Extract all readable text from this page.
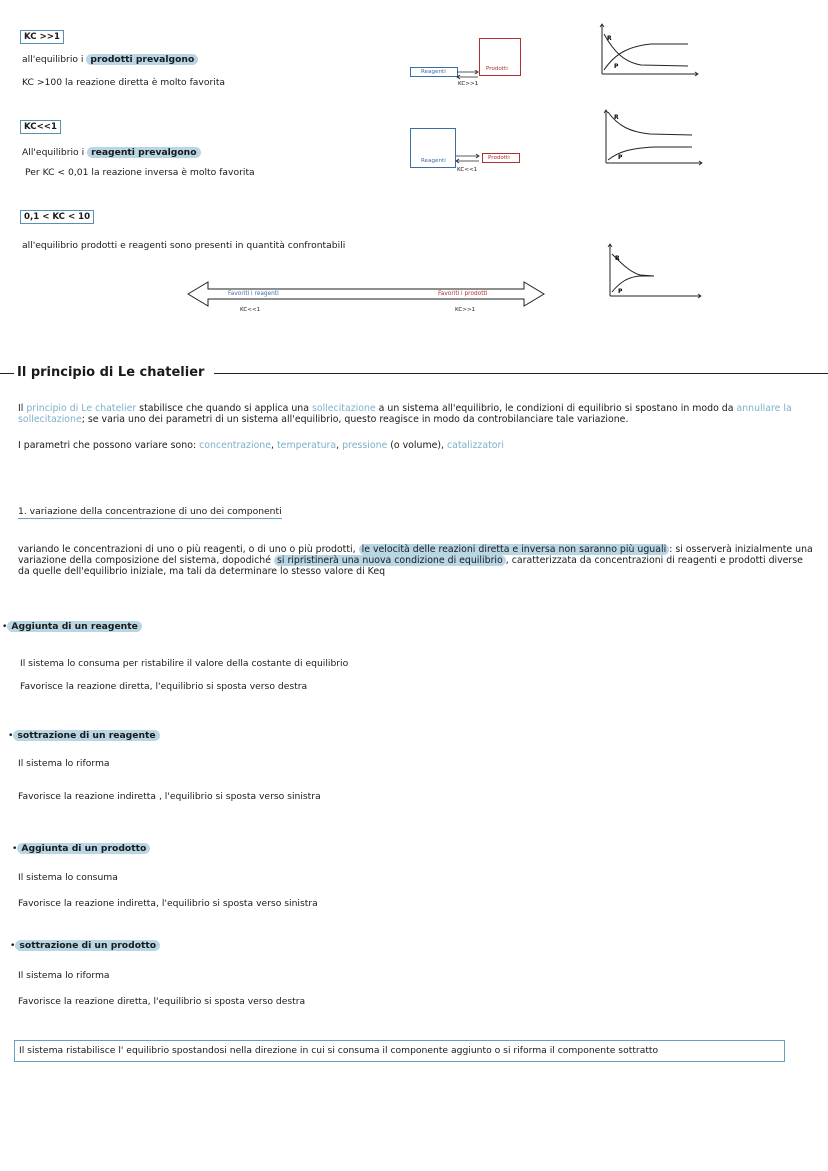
KC >>1
all'equilibrio i prodotti prevalgono
KC >100 la reazione diretta è molto favorita
Reagenti	Prodotti
KC>>1
R
P
KC<<1
All'equilibrio i reagenti prevalgono
Per KC < 0,01 la reazione inversa è molto favorita
Reagenti	Prodotti
KC<<1
R
P
0,1 < KC < 10
all'equilibrio prodotti e reagenti sono presenti in quantità confrontabili
Favoriti i reagenti	Favoriti i prodotti
KC<<1	KC>>1
R
P
Il principio di Le chatelier
Il principio di Le chatelier stabilisce che quando si applica una sollecitazione a un sistema all'equilibrio, le condizioni di equilibrio si spostano in modo da annullare la sollecitazione; se varia uno dei parametri di un sistema all'equilibrio, questo reagisce in modo da controbilanciare tale variazione.
I parametri che possono variare sono: concentrazione, temperatura, pressione (o volume), catalizzatori
1. variazione della concentrazione di uno dei componenti
variando le concentrazioni di uno o più reagenti, o di uno o più prodotti, le velocità delle reazioni diretta e inversa non saranno più uguali : si osserverà inizialmente una variazione della composizione del sistema, dopodiché si ripristinerà una nuova condizione di equilibrio , caratterizzata da concentrazioni di reagenti e prodotti diverse da quelle dell'equilibrio iniziale, ma tali da determinare lo stesso valore di Keq
• Aggiunta di un reagente
Il sistema lo consuma per ristabilire il valore della costante di equilibrio
Favorisce la reazione diretta, l'equilibrio si sposta verso destra
• sottrazione di un reagente
Il sistema lo riforma
Favorisce la reazione indiretta , l'equilibrio si sposta verso sinistra
• Aggiunta di un prodotto
Il sistema lo consuma
Favorisce la reazione indiretta, l'equilibrio si sposta verso sinistra
• sottrazione di un prodotto
Il sistema lo riforma
Favorisce la reazione diretta, l'equilibrio si sposta verso destra
Il sistema ristabilisce l' equilibrio spostandosi nella direzione in cui si consuma il componente aggiunto o si riforma il componente sottratto
